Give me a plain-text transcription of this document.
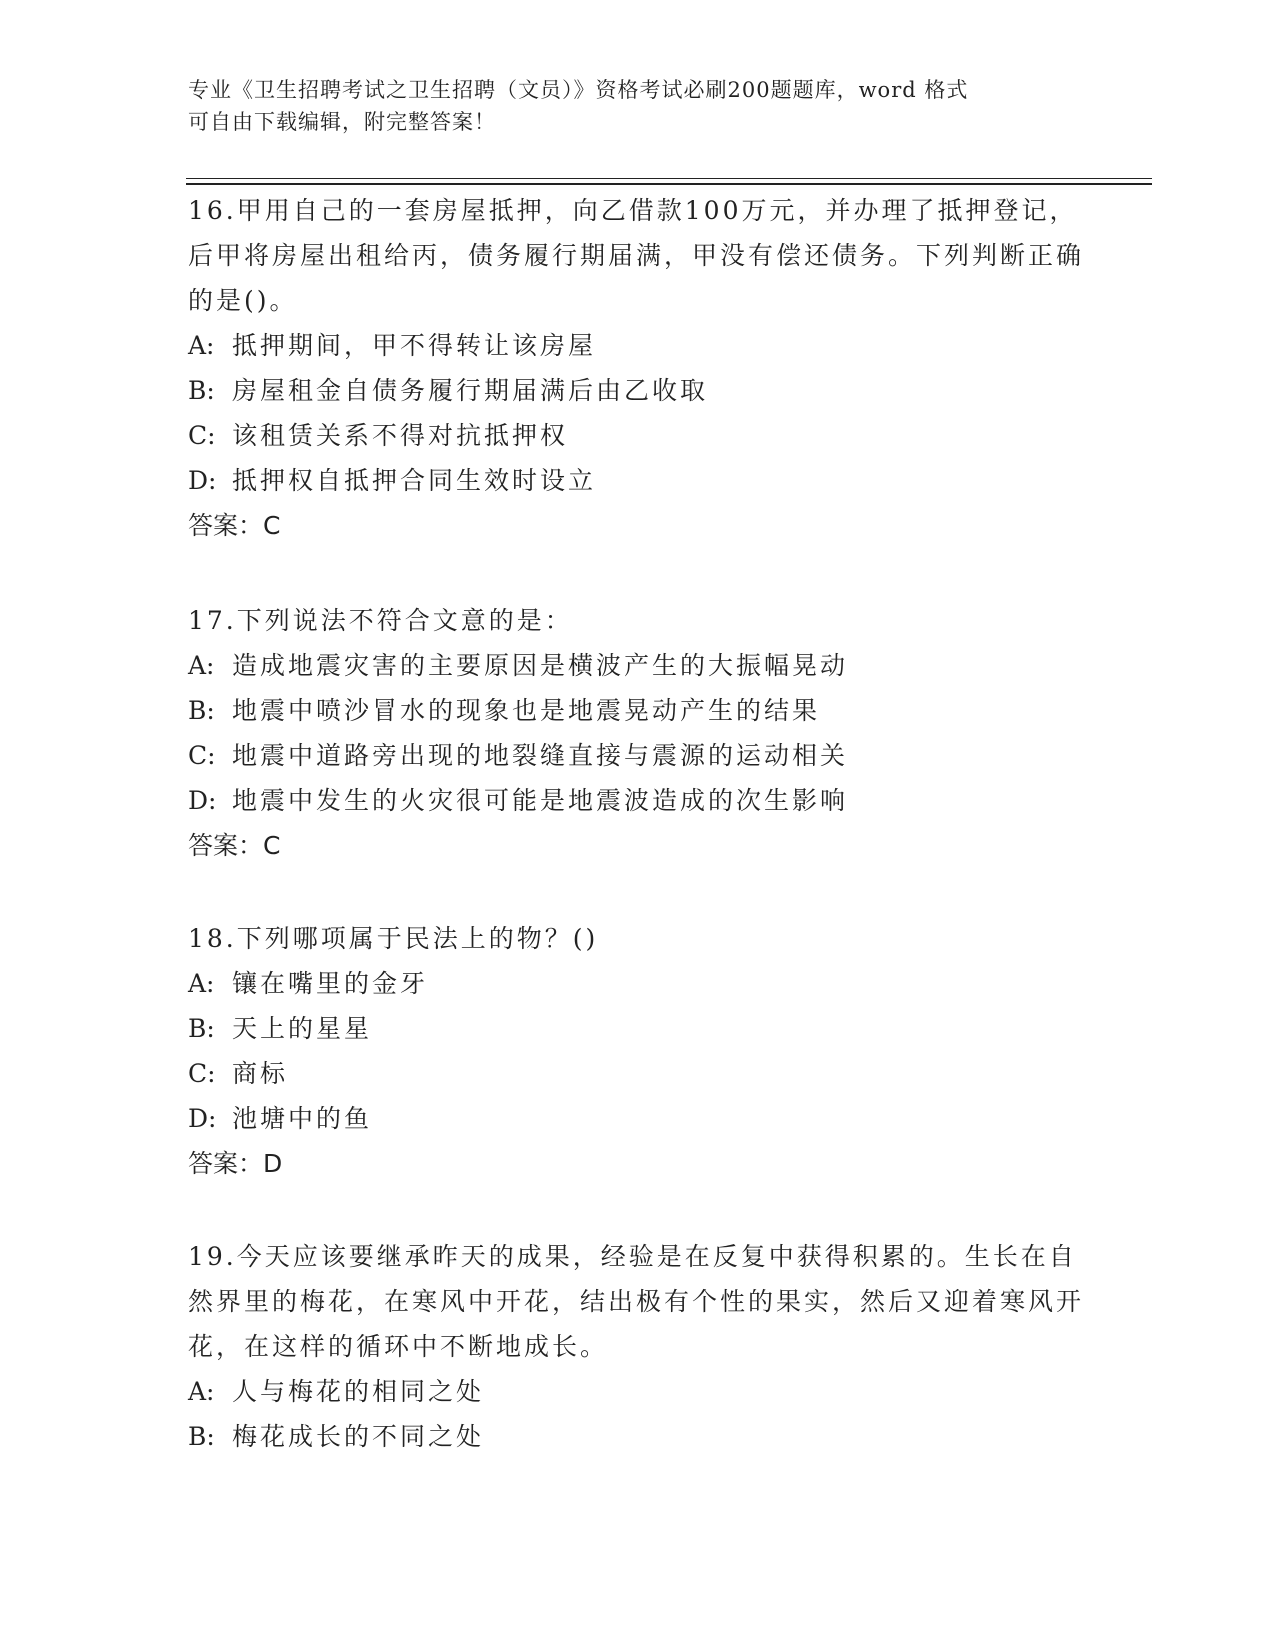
专业《卫生招聘考试之卫生招聘（文员）》资格考试必刷200题题库，word 格式
可自由下载编辑，附完整答案！

16.甲用自己的一套房屋抵押，向乙借款100万元，并办理了抵押登记，后甲将房屋出租给丙，债务履行期届满，甲没有偿还债务。下列判断正确的是()。

A: 抵押期间，甲不得转让该房屋

B: 房屋租金自债务履行期届满后由乙收取

C: 该租赁关系不得对抗抵押权

D: 抵押权自抵押合同生效时设立

答案：C

17.下列说法不符合文意的是：

A: 造成地震灾害的主要原因是横波产生的大振幅晃动

B: 地震中喷沙冒水的现象也是地震晃动产生的结果

C: 地震中道路旁出现的地裂缝直接与震源的运动相关

D: 地震中发生的火灾很可能是地震波造成的次生影响

答案：C

18.下列哪项属于民法上的物？()

A: 镶在嘴里的金牙

B: 天上的星星

C: 商标

D: 池塘中的鱼

答案：D

19.今天应该要继承昨天的成果，经验是在反复中获得积累的。生长在自然界里的梅花，在寒风中开花，结出极有个性的果实，然后又迎着寒风开花，在这样的循环中不断地成长。

A: 人与梅花的相同之处

B: 梅花成长的不同之处
